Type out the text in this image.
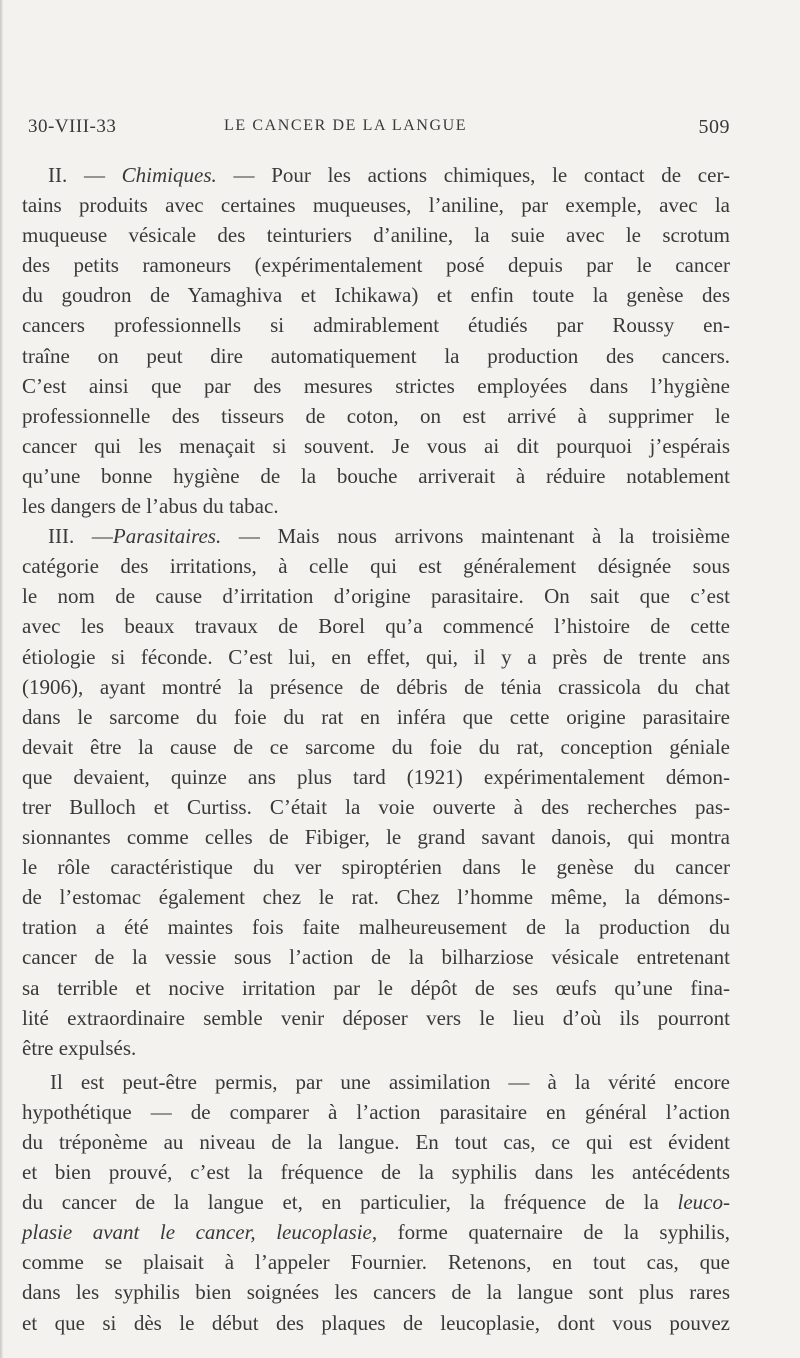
30-VIII-33	LE CANCER DE LA LANGUE	509
II. — Chimiques. — Pour les actions chimiques, le contact de cer-
tains produits avec certaines muqueuses, l’aniline, par exemple, avec la
muqueuse vésicale des teinturiers d’aniline, la suie avec le scrotum
des petits ramoneurs (expérimentalement posé depuis par le cancer
du goudron de Yamaghiva et Ichikawa) et enfin toute la genèse des
cancers professionnells si admirablement étudiés par Roussy en-
traîne on peut dire automatiquement la production des cancers.
C’est ainsi que par des mesures strictes employées dans l’hygiène
professionnelle des tisseurs de coton, on est arrivé à supprimer le
cancer qui les menaçait si souvent. Je vous ai dit pourquoi j’espérais
qu’une bonne hygiène de la bouche arriverait à réduire notablement
les dangers de l’abus du tabac.
III. —Parasitaires. — Mais nous arrivons maintenant à la troisième
catégorie des irritations, à celle qui est généralement désignée sous
le nom de cause d’irritation d’origine parasitaire. On sait que c’est
avec les beaux travaux de Borel qu’a commencé l’histoire de cette
étiologie si féconde. C’est lui, en effet, qui, il y a près de trente ans
(1906), ayant montré la présence de débris de ténia crassicola du chat
dans le sarcome du foie du rat en inféra que cette origine parasitaire
devait être la cause de ce sarcome du foie du rat, conception géniale
que devaient, quinze ans plus tard (1921) expérimentalement démon-
trer Bulloch et Curtiss. C’était la voie ouverte à des recherches pas-
sionnantes comme celles de Fibiger, le grand savant danois, qui montra
le rôle caractéristique du ver spiroptérien dans le genèse du cancer
de l’estomac également chez le rat. Chez l’homme même, la démons-
tration a été maintes fois faite malheureusement de la production du
cancer de la vessie sous l’action de la bilharziose vésicale entretenant
sa terrible et nocive irritation par le dépôt de ses œufs qu’une fina-
lité extraordinaire semble venir déposer vers le lieu d’où ils pourront
être expulsés.
Il est peut-être permis, par une assimilation — à la vérité encore
hypothétique — de comparer à l’action parasitaire en général l’action
du tréponème au niveau de la langue. En tout cas, ce qui est évident
et bien prouvé, c’est la fréquence de la syphilis dans les antécédents
du cancer de la langue et, en particulier, la fréquence de la leuco-
plasie avant le cancer, leucoplasie, forme quaternaire de la syphilis,
comme se plaisait à l’appeler Fournier. Retenons, en tout cas, que
dans les syphilis bien soignées les cancers de la langue sont plus rares
et que si dès le début des plaques de leucoplasie, dont vous pouvez
